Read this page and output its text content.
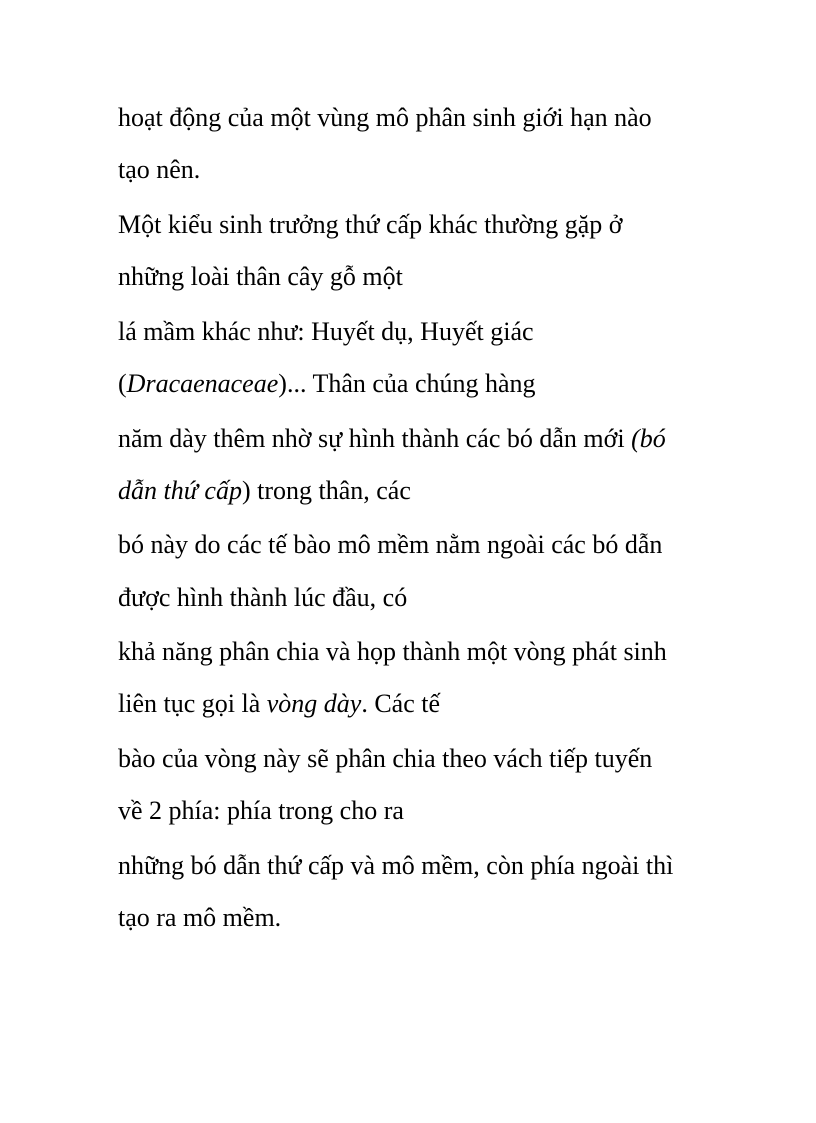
hoạt động của một vùng mô phân sinh giới hạn nào

tạo nên.

Một kiểu sinh trưởng thứ cấp khác thường gặp ở

những loài thân cây gỗ một

lá mầm khác như: Huyết dụ, Huyết giác

(Dracaenaceae)... Thân của chúng hàng

năm dày thêm nhờ sự hình thành các bó dẫn mới (bó

dẫn thứ cấp) trong thân, các

bó này do các tế bào mô mềm nằm ngoài các bó dẫn

được hình thành lúc đầu, có

khả năng phân chia và họp thành một vòng phát sinh

liên tục gọi là vòng dày. Các tế

bào của vòng này sẽ phân chia theo vách tiếp tuyến

về 2 phía: phía trong cho ra

những bó dẫn thứ cấp và mô mềm, còn phía ngoài thì

tạo ra mô mềm.
